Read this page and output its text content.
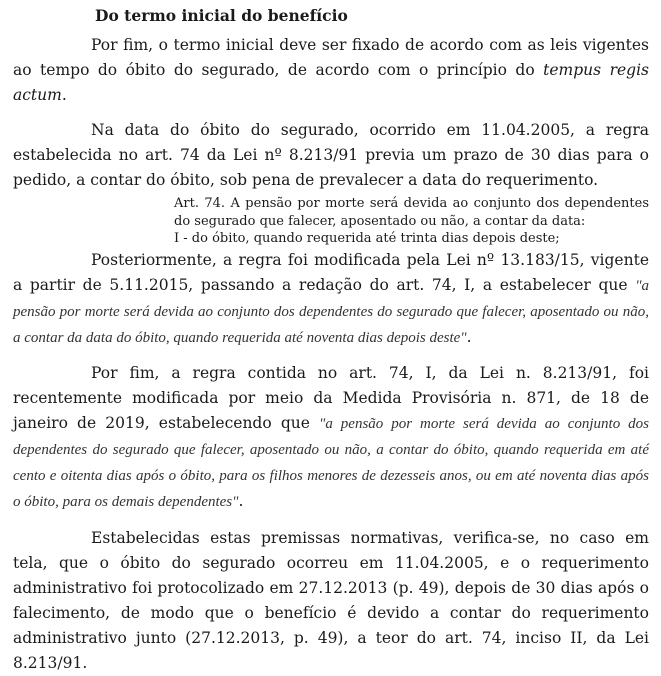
Do termo inicial do benefício

Por fim, o termo inicial deve ser fixado de acordo com as leis vigentes ao tempo do óbito do segurado, de acordo com o princípio do tempus regis actum.

Na data do óbito do segurado, ocorrido em 11.04.2005, a regra estabelecida no art. 74 da Lei nº 8.213/91 previa um prazo de 30 dias para o pedido, a contar do óbito, sob pena de prevalecer a data do requerimento.

Art. 74. A pensão por morte será devida ao conjunto dos dependentes do segurado que falecer, aposentado ou não, a contar da data:
I - do óbito, quando requerida até trinta dias depois deste;

Posteriormente, a regra foi modificada pela Lei nº 13.183/15, vigente a partir de 5.11.2015, passando a redação do art. 74, I, a estabelecer que "a pensão por morte será devida ao conjunto dos dependentes do segurado que falecer, aposentado ou não, a contar da data do óbito, quando requerida até noventa dias depois deste".

Por fim, a regra contida no art. 74, I, da Lei n. 8.213/91, foi recentemente modificada por meio da Medida Provisória n. 871, de 18 de janeiro de 2019, estabelecendo que "a pensão por morte será devida ao conjunto dos dependentes do segurado que falecer, aposentado ou não, a contar do óbito, quando requerida em até cento e oitenta dias após o óbito, para os filhos menores de dezesseis anos, ou em até noventa dias após o óbito, para os demais dependentes".

Estabelecidas estas premissas normativas, verifica-se, no caso em tela, que o óbito do segurado ocorreu em 11.04.2005, e o requerimento administrativo foi protocolizado em 27.12.2013 (p. 49), depois de 30 dias após o falecimento, de modo que o benefício é devido a contar do requerimento administrativo junto (27.12.2013, p. 49), a teor do art. 74, inciso II, da Lei 8.213/91.
